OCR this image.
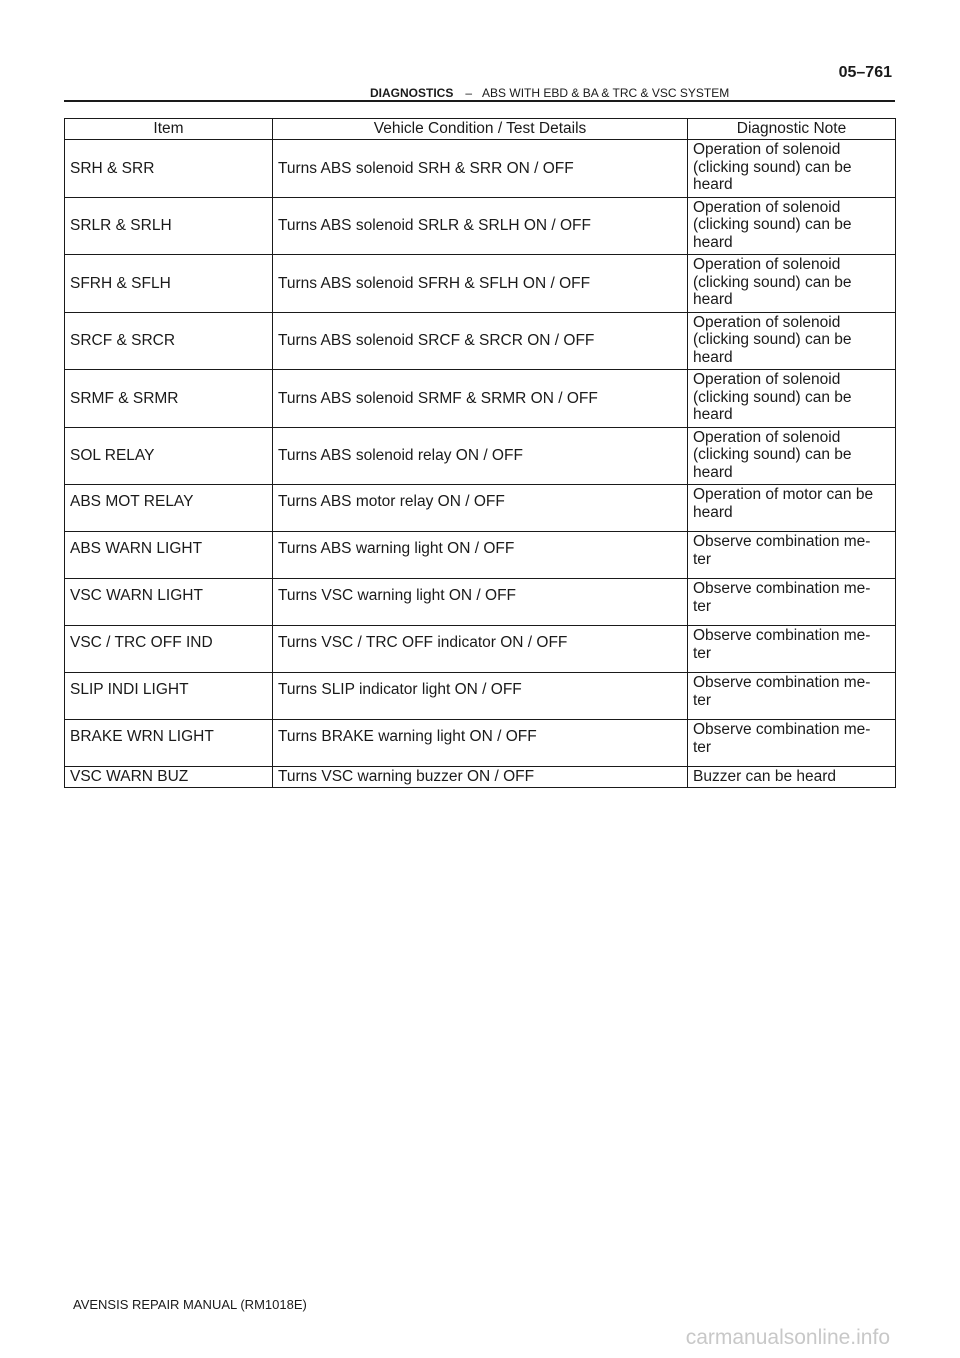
05–761
DIAGNOSTICS – ABS WITH EBD & BA & TRC & VSC SYSTEM
Item	Vehicle Condition / Test Details	Diagnostic Note
SRH & SRR	Turns ABS solenoid SRH & SRR ON / OFF	Operation of solenoid
(clicking sound) can be
heard

SRLR & SRLH	Turns ABS solenoid SRLR & SRLH ON / OFF	Operation of solenoid
(clicking sound) can be
heard

SFRH & SFLH	Turns ABS solenoid SFRH & SFLH ON / OFF	Operation of solenoid
(clicking sound) can be
heard

SRCF & SRCR	Turns ABS solenoid SRCF & SRCR ON / OFF	Operation of solenoid
(clicking sound) can be
heard

SRMF & SRMR	Turns ABS solenoid SRMF & SRMR ON / OFF	Operation of solenoid
(clicking sound) can be
heard

SOL RELAY	Turns ABS solenoid relay ON / OFF	Operation of solenoid
(clicking sound) can be
heard

ABS MOT RELAY	Turns ABS motor relay ON / OFF	Operation of motor can be
heard

ABS WARN LIGHT	Turns ABS warning light ON / OFF	Observe combination me-
ter

VSC WARN LIGHT	Turns VSC warning light ON / OFF	Observe combination me-
ter

VSC / TRC OFF IND	Turns VSC / TRC OFF indicator ON / OFF	Observe combination me-
ter

SLIP INDI LIGHT	Turns SLIP indicator light ON / OFF	Observe combination me-
ter

BRAKE WRN LIGHT	Turns BRAKE warning light ON / OFF	Observe combination me-
ter

VSC WARN BUZ	Turns VSC warning buzzer ON / OFF	Buzzer can be heard
AVENSIS REPAIR MANUAL (RM1018E)
carmanualsonline.info
